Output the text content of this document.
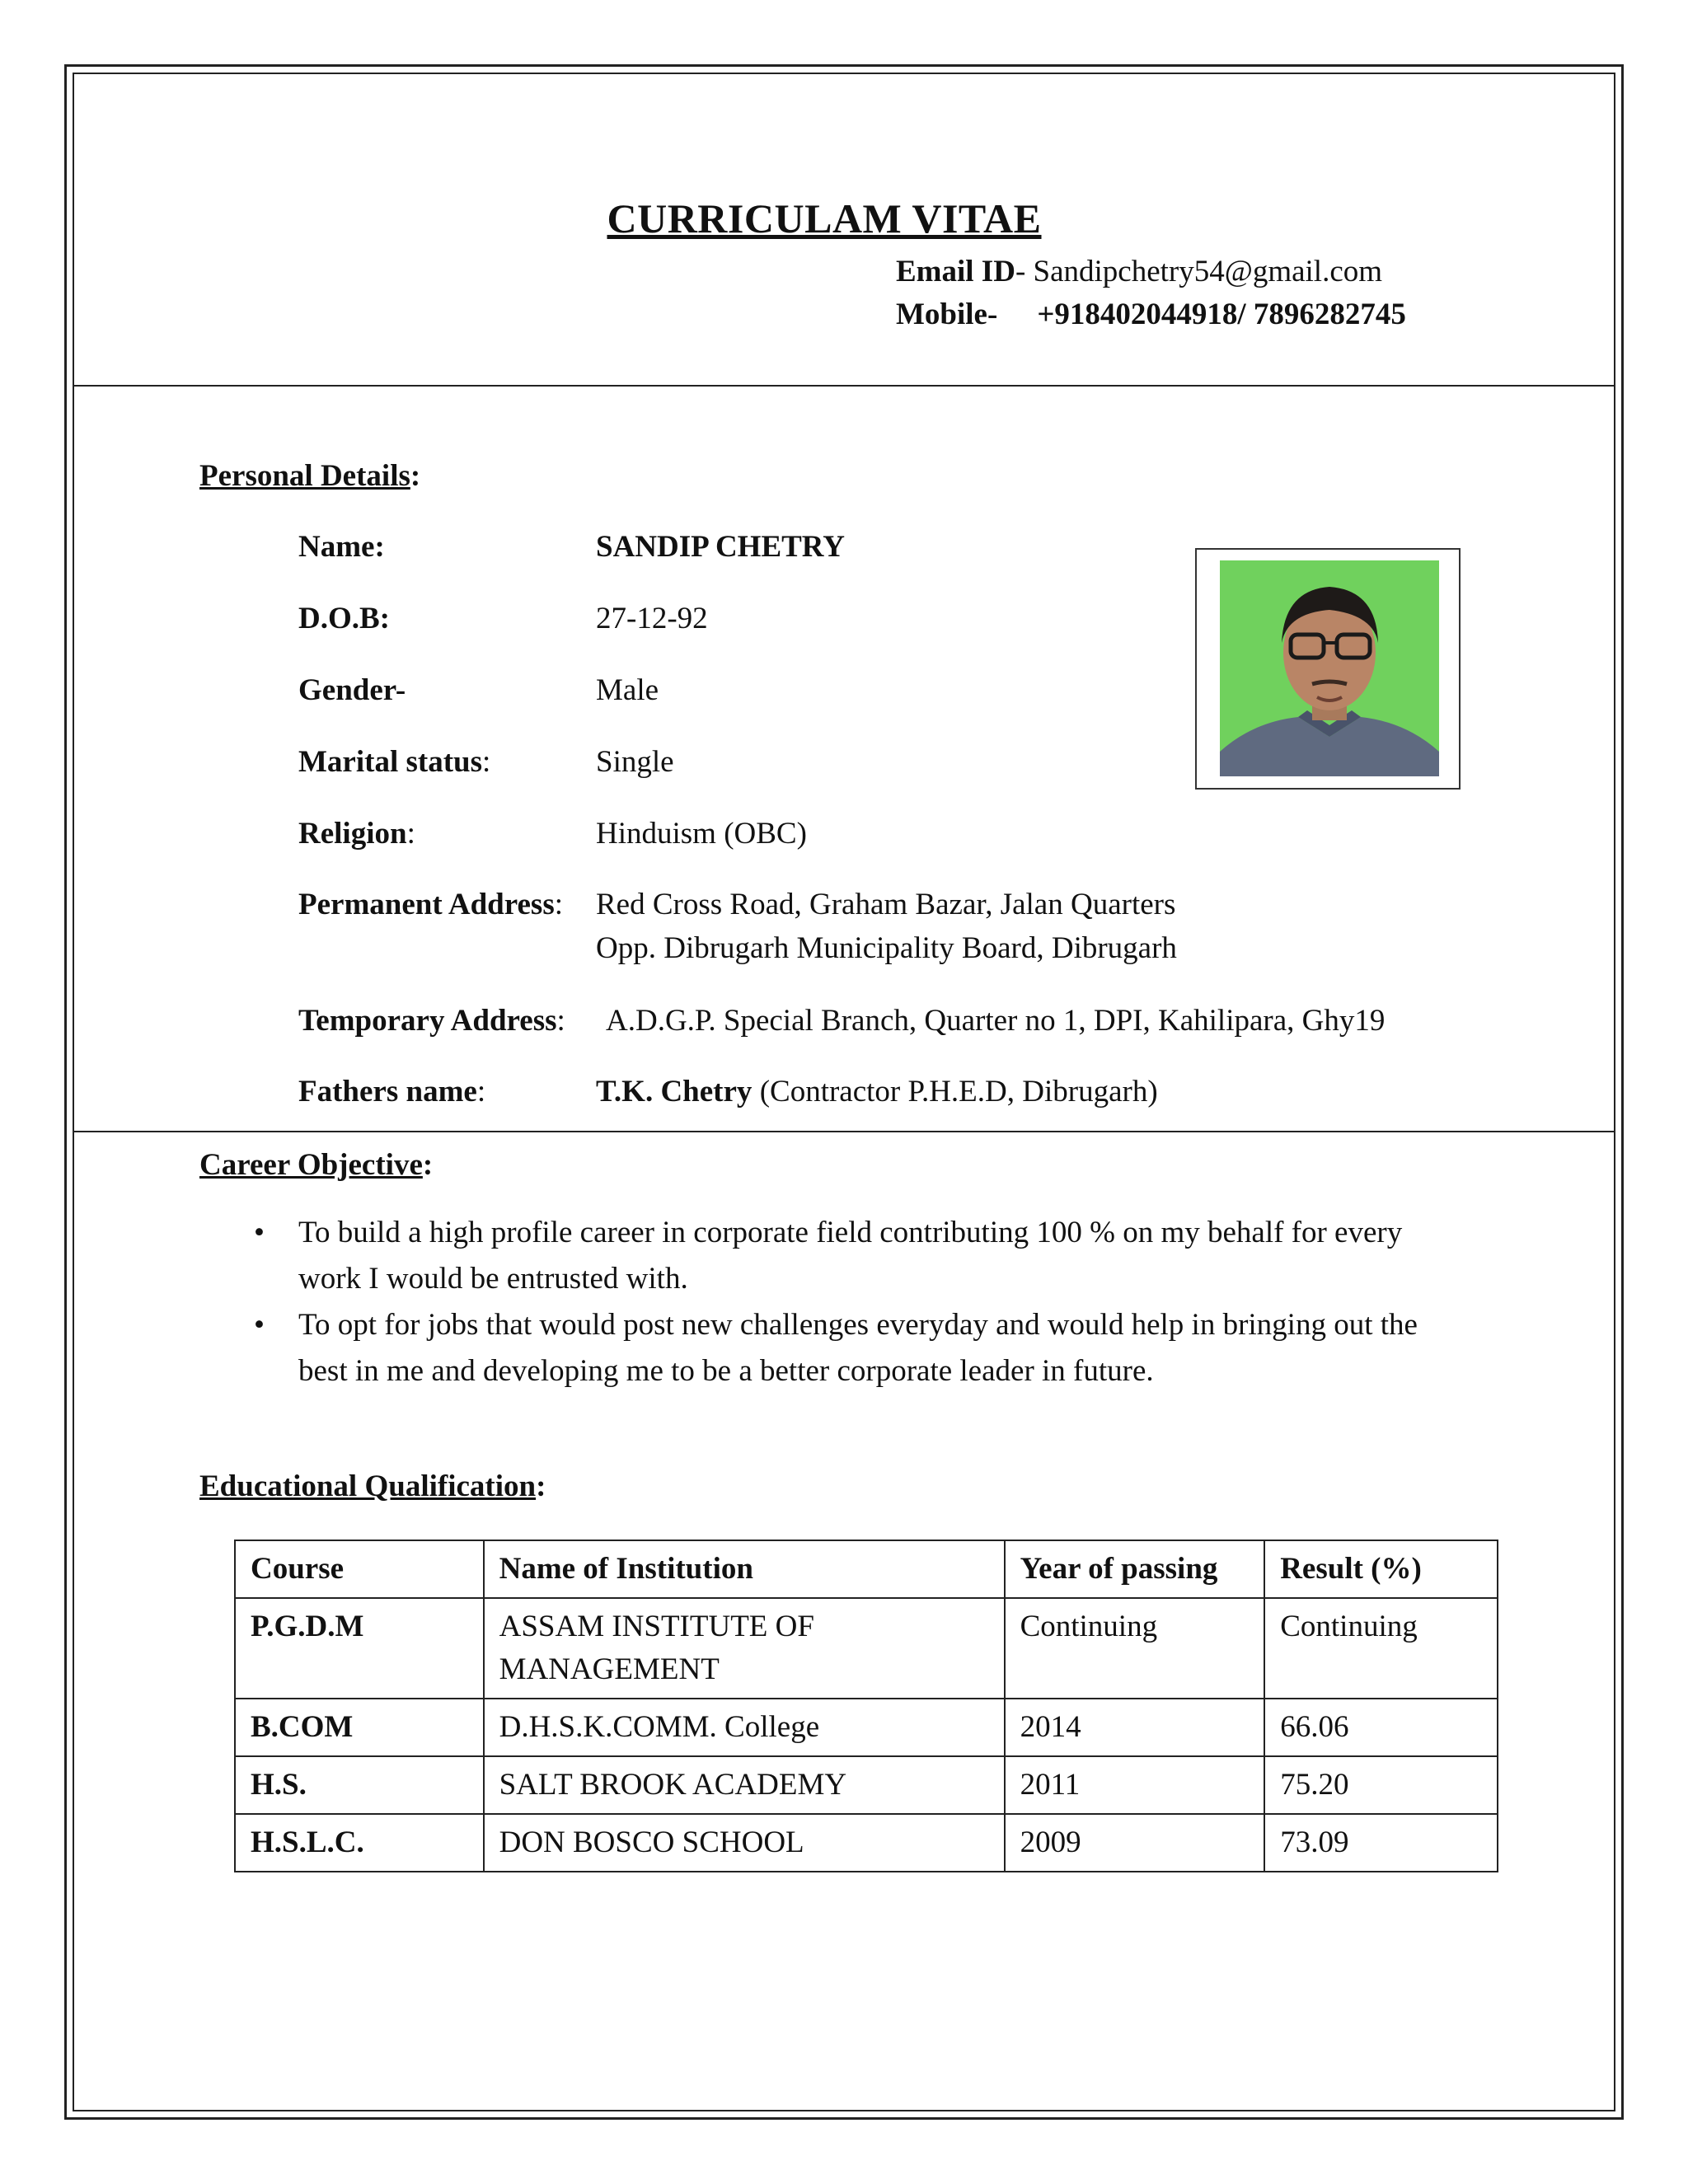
CURRICULAM VITAE
Email ID- Sandipchetry54@gmail.com
Mobile- +918402044918/ 7896282745
Personal Details:
Name:	SANDIP CHETRY
D.O.B:	27-12-92
Gender-	Male
Marital status:	Single
Religion:	Hinduism (OBC)
Permanent Address: Red Cross Road, Graham Bazar, Jalan Quarters
Opp. Dibrugarh Municipality Board, Dibrugarh
Temporary Address: A.D.G.P. Special Branch, Quarter no 1, DPI, Kahilipara, Ghy19
Fathers name:	T.K. Chetry (Contractor P.H.E.D, Dibrugarh)
Career Objective:
• To build a high profile career in corporate field contributing 100 % on my behalf for every work I would be entrusted with.
• To opt for jobs that would post new challenges everyday and would help in bringing out the best in me and developing me to be a better corporate leader in future.
Educational Qualification:
Course	Name of Institution	Year of passing	Result (%)
P.G.D.M	ASSAM INSTITUTE OF MANAGEMENT	Continuing	Continuing
B.COM	D.H.S.K.COMM. College	2014	66.06
H.S.	SALT BROOK ACADEMY	2011	75.20
H.S.L.C.	DON BOSCO SCHOOL	2009	73.09
